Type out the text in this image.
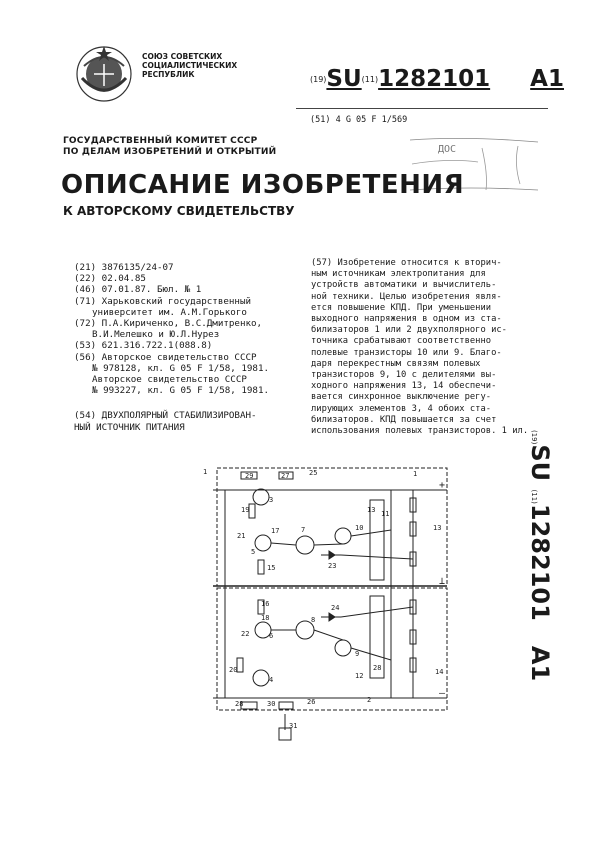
СОЮЗ СОВЕТСКИХ
СОЦИАЛИСТИЧЕСКИХ
РЕСПУБЛИК
(19)SU(11)1282101 A1
(51) 4 G 05 F 1/569
ГОСУДАРСТВЕННЫЙ КОМИТЕТ СССР
ПО ДЕЛАМ ИЗОБРЕТЕНИЙ И ОТКРЫТИЙ	ДОС
ОПИСАНИЕ ИЗОБРЕТЕНИЯ
К АВТОРСКОМУ СВИДЕТЕЛЬСТВУ
(21) 3876135/24-07
(22) 02.04.85
(46) 07.01.87. Бюл. № 1
(71) Харьковский государственный
университет им. А.М.Горького
(72) П.А.Кириченко, В.С.Дмитренко,
В.И.Мелешко и Ю.Л.Нурез
(53) 621.316.722.1(088.8)
(56) Авторское свидетельство СССР
№ 978128, кл. G 05 F 1/58, 1981.
Авторское свидетельство СССР
№ 993227, кл. G 05 F 1/58, 1981.
(54) ДВУХПОЛЯРНЫЙ СТАБИЛИЗИРОВАН-
НЫЙ ИСТОЧНИК ПИТАНИЯ
(57) Изобретение относится к вторич-
ным источникам электропитания для
устройств автоматики и вычислитель-
ной техники. Целью изобретения явля-
ется повышение КПД. При уменьшении
выходного напряжения в одном из ста-
билизаторов 1 или 2 двухполярного ис-
точника срабатывают соответственно
полевые транзисторы 10 или 9. Благо-
даря перекрестным связям полевых
транзисторов 9, 10 с делителями вы-
ходного напряжения 13, 14 обеспечи-
вается синхронное выключение регу-
лирующих элементов 3, 4 обоих ста-
билизаторов. КПД повышается за счет
использования полевых транзисторов. 1 ил. (19)SU (11)1282101   A1
1	1
2
+
⊥
–
29	27	25
3
19
21
5
17	7	10
23
15
11
13
13
16
18
22	6
8
24
9
20
4
28
12	14
28	30	26
31
